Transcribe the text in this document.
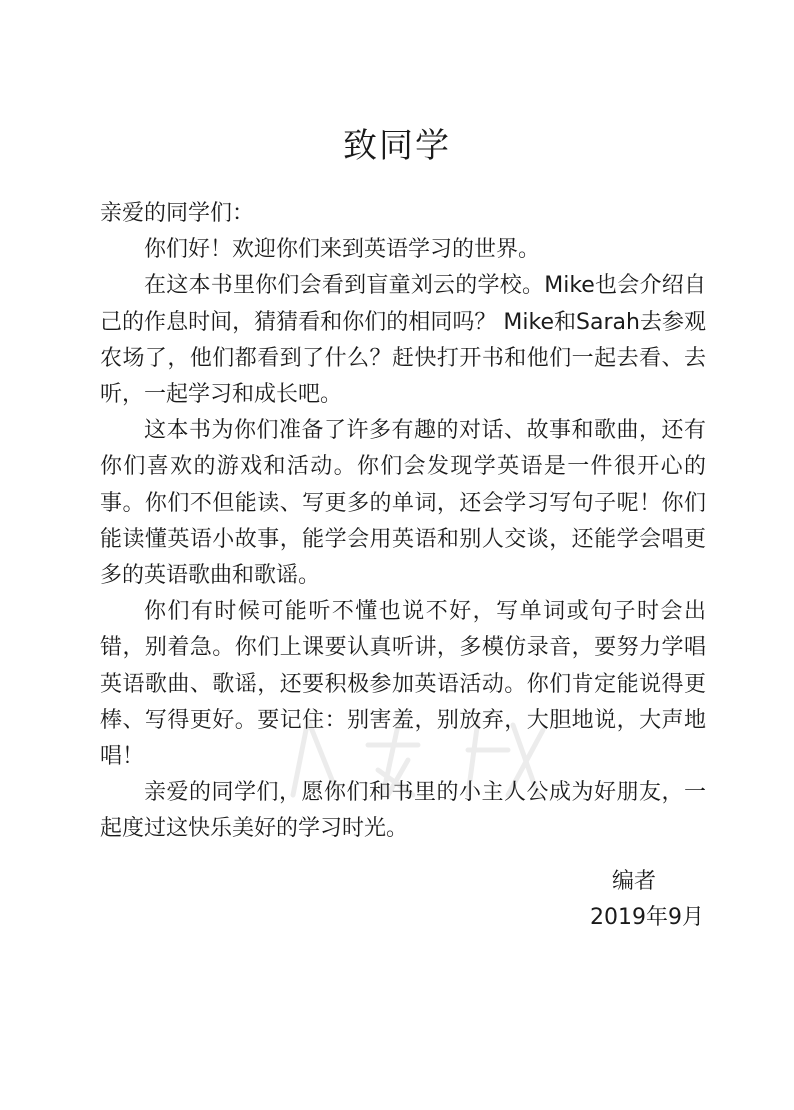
致同学

亲爱的同学们：

你们好！欢迎你们来到英语学习的世界。

在这本书里你们会看到盲童刘云的学校。Mike也会介绍自己的作息时间，猜猜看和你们的相同吗？ Mike和Sarah去参观农场了，他们都看到了什么？赶快打开书和他们一起去看、去听，一起学习和成长吧。

这本书为你们准备了许多有趣的对话、故事和歌曲，还有你们喜欢的游戏和活动。你们会发现学英语是一件很开心的事。你们不但能读、写更多的单词，还会学习写句子呢！你们能读懂英语小故事，能学会用英语和别人交谈，还能学会唱更多的英语歌曲和歌谣。

你们有时候可能听不懂也说不好，写单词或句子时会出错，别着急。你们上课要认真听讲，多模仿录音，要努力学唱英语歌曲、歌谣，还要积极参加英语活动。你们肯定能说得更棒、写得更好。要记住：别害羞，别放弃，大胆地说，大声地唱！

亲爱的同学们，愿你们和书里的小主人公成为好朋友，一起度过这快乐美好的学习时光。

编者
2019年9月
